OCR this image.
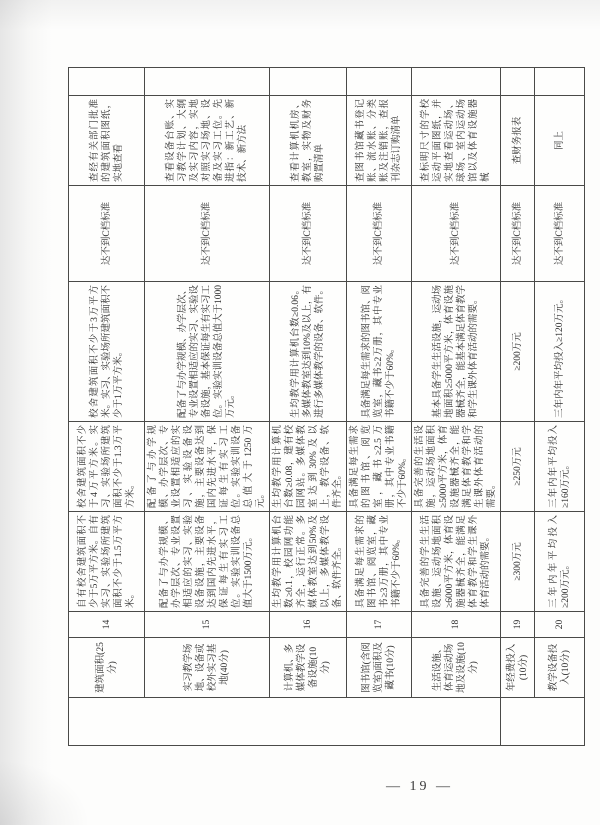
	建筑面积(25分)	14	自有校舍建筑面积不少于5万平方米。自有实习、实验场所建筑面积不少于1.5万平方米。	校舍建筑面积不少于4万平方米。实习、实验场所建筑面积不少于1.3万平方米。	校舍建筑面积不少于3万平方米。实习、实验场所建筑面积不少于1万平方米。	达不到C档标准	查经有关部门批准的建筑面积图纸，实地查看	
	实习教学场地、设备或校外实习基地(40分)	15	配备了与办学规模、办学层次、专业设置相适应的实习、实验设备设施，主要设备达到国内先进水平，保证每生有实习工位。实验实训设备总值大于1500万元。	配备了与办学规模、办学层次、专业设置相适应的实习、实验设备设施，主要设备达到国内先进水平，保证每生有实习工位。实验实训设备总值大于1250万元。	配备了与办学规模、办学层次、专业设置相适应的实习、实验设备设施，基本保证每生有实习工位。实验实训设备总值大于1000万元。	达不到C档标准	查看设备台账、实习教学计划、大纲及实习内容，实地对照实习场地、设备及实习工位。先进指：新工艺、新技术、新方法	
	计算机、多媒体教学设备设施(10分)	16	生均教学用计算机台数≥0.1，校园网功能齐全，运行正常。多媒体教室达到50%及以上，多媒体教学设备、软件齐全。	生均教学用计算机台数≥0.08，建有校园网站。多媒体教室达到30%及以上，教学设备、软件齐全。	生均教学用计算机台数≥0.06。多媒体教室达到10%及以上，有进行多媒体教学的设备、软件。	达不到C档标准	查看计算机机房、教室，实物及财务购置清单	
	图书馆(含阅览室)面积及藏书(10分)	17	具备满足每生需求的图书馆、阅览室，藏书≥3万册，其中专业书籍不少于60%。	具备满足每生需求的图书馆、阅览室，藏书≥2.5万册，其中专业书籍不少于60%。	具备满足每生需求的图书馆、阅览室，藏书≥2万册，其中专业书籍不少于60%。	达不到C档标准	查图书馆藏书登记账、流水账、分类账及注销账，查报刊杂志订购清单	
	生活设施、体育运动场地及设施(10分)	18	具备完善的学生生活设施、运动场地面积≥6000平方米，体育设施器械齐全，能满足体育教学和学生课外体育活动的需要。	具备完善的生活设施，运动场地面积≥5000平方米，体育设施器械齐全，能满足体育教学和学生课外体育活动的需要。	基本具备学生生活设施，运动场地面积≥5000平方米，体育设施器械齐全，能基本满足体育教学和学生课外体育活动的需要。	达不到C档标准	查标明尺寸的学校运动平面图纸，并实地查看运动场、球场、室内运动场馆以及体育设施器械	
	年经费投入(10分)	19	≥300万元	≥250万元	≥200万元	达不到C档标准	查财务报表	
	教学设备投入(10分)	20	三年内年平均投入≥200万元。	三年内年平均投入≥160万元。	三年内年平均投入≥120万元。	达不到C档标准	同上	
— 19 —
